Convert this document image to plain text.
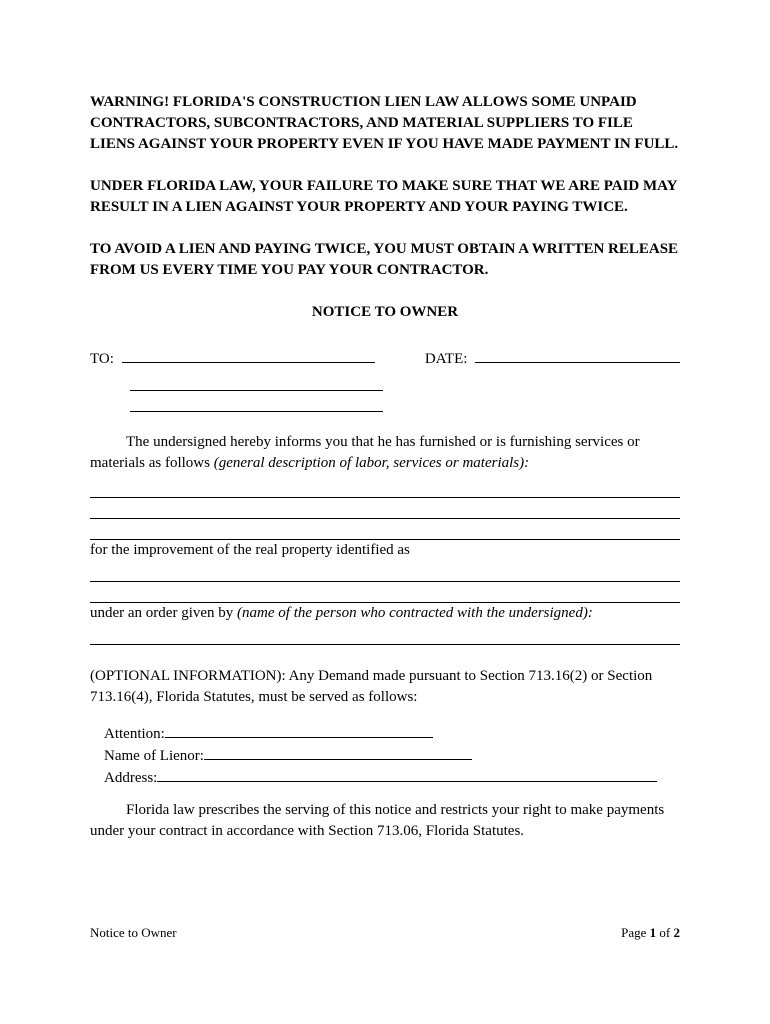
WARNING! FLORIDA'S CONSTRUCTION LIEN LAW ALLOWS SOME UNPAID CONTRACTORS, SUBCONTRACTORS, AND MATERIAL SUPPLIERS TO FILE LIENS AGAINST YOUR PROPERTY EVEN IF YOU HAVE MADE PAYMENT IN FULL.

UNDER FLORIDA LAW, YOUR FAILURE TO MAKE SURE THAT WE ARE PAID MAY RESULT IN A LIEN AGAINST YOUR PROPERTY AND YOUR PAYING TWICE.

TO AVOID A LIEN AND PAYING TWICE, YOU MUST OBTAIN A WRITTEN RELEASE FROM US EVERY TIME YOU PAY YOUR CONTRACTOR.

NOTICE TO OWNER

TO:	DATE:

The undersigned hereby informs you that he has furnished or is furnishing services or materials as follows (general description of labor, services or materials):

for the improvement of the real property identified as

under an order given by (name of the person who contracted with the undersigned):

(OPTIONAL INFORMATION): Any Demand made pursuant to Section 713.16(2) or Section 713.16(4), Florida Statutes, must be served as follows:

Attention:
Name of Lienor:
Address:

Florida law prescribes the serving of this notice and restricts your right to make payments under your contract in accordance with Section 713.06, Florida Statutes.

Notice to Owner	Page 1 of 2
